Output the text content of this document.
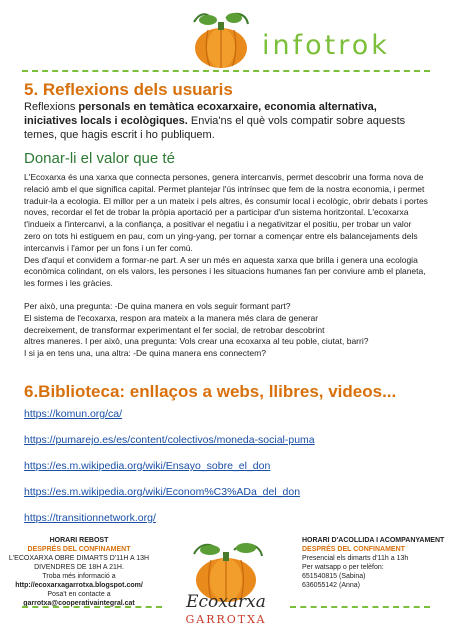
infotrok
5. Reflexions dels usuaris
Reflexions personals en temàtica ecoxarxaire, economia alternativa, iniciatives locals i ecològiques. Envia'ns el què vols compatir sobre aquests temes, que hagis escrit i ho publiquem.
Donar-li el valor que té

L'Ecoxarxa és una xarxa que connecta persones, genera intercanvis, permet descobrir una forma nova de relació amb el que significa capital. Permet plantejar l'ús intrínsec que fem de la nostra economia, i permet traduir-la a ecologia. El millor per a un mateix i pels altres, és consumir local i ecològic, obrir debats i portes noves, recordar el fet de trobar la pròpia aportació per a participar d'un sistema horitzontal. L'ecoxarxa t'indueix a l'intercanvi, a la confiança, a positivar el negatiu i a negativitzar el positiu, per trobar un valor zero on tots hi estiguem en pau, com un ying-yang, per tornar a començar entre els balancejaments dels intercanvis i l'amor per un fons i un fer comú.

Des d'aquí et convidem a formar-ne part. A ser un més en aquesta xarxa que brilla i genera una ecologia econòmica colindant, on els valors, les persones i les situacions humanes fan per conviure amb el planeta, les formes i les gràcies.

Per això, una pregunta: -De quina manera en vols seguir formant part?

El sistema de l'ecoxarxa, respon ara mateix a la manera més clara de generar

decreixement, de transformar experimentant el fer social, de retrobar descobrint

altres maneres. I per això, una pregunta: Vols crear una ecoxarxa al teu poble, ciutat, barri?

I si ja en tens una, una altra: -De quina manera ens connectem?

6.Biblioteca: enllaços a webs, llibres, videos...
https://komun.org/ca/
https://pumarejo.es/es/content/colectivos/moneda-social-puma
https://es.m.wikipedia.org/wiki/Ensayo_sobre_el_don
https://es.m.wikipedia.org/wiki/Econom%C3%ADa_del_don
https://transitionnetwork.org/
HORARI REBOST
DESPRÉS DEL CONFINAMENT
L'ECOXARXA OBRE DIMARTS D'11H A 13H
DIVENDRES DE 18H A 21H.
Troba més informació a
http://ecoxarxagarrotxa.blogspot.com/
Posa't en contacte a
garrotxa@cooperativaintegral.cat	Ecoxarxa
GARROTXA
HORARI D'ACOLLIDA I ACOMPANYAMENT
DESPRÉS DEL CONFINAMENT
Presencial els dimarts d'11h a 13h
Per watsapp o per telèfon:
651540815 (Sabina)
636055142 (Anna)
